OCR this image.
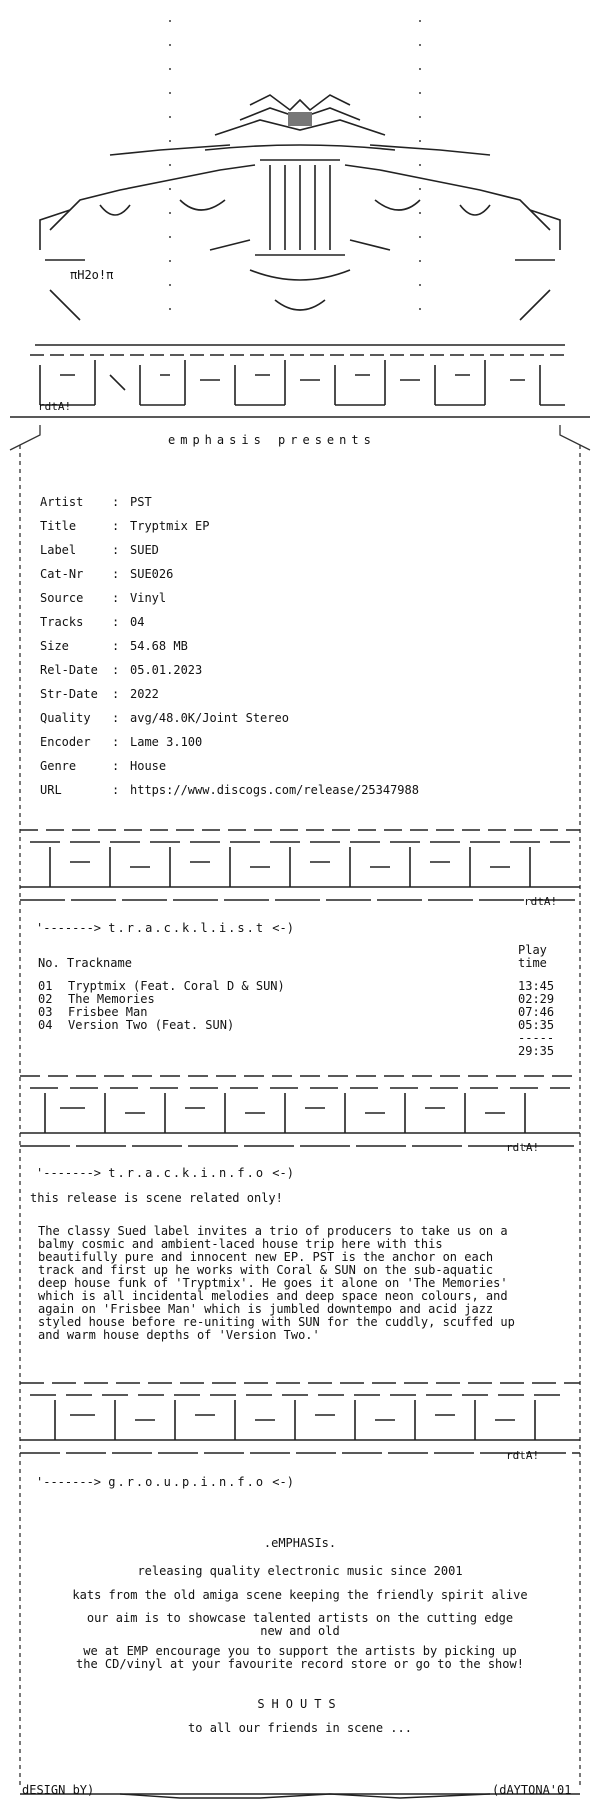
πH2o!π
rdtA!
emphasis presents
Artist	: PST
Title	: Tryptmix EP
Label	: SUED
Cat-Nr	: SUE026
Source	: Vinyl
Tracks	: 04
Size	: 54.68 MB
Rel-Date	: 05.01.2023
Str-Date	: 2022
Quality	: avg/48.0K/Joint Stereo
Encoder	: Lame 3.100
Genre	: House
URL	: https://www.discogs.com/release/25347988
rdtA!
'-------> t.r.a.c.k.l.i.s.t <-)
No. Trackname
Play
time
01 Tryptmix (Feat. Coral D & SUN)	13:45
02 The Memories	02:29
03 Frisbee Man	07:46
04 Version Two (Feat. SUN)	05:35
-----
29:35
rdtA!
'-------> t.r.a.c.k.i.n.f.o <-)
this release is scene related only!
The classy Sued label invites a trio of producers to take us on a
balmy cosmic and ambient-laced house trip here with this
beautifully pure and innocent new EP. PST is the anchor on each
track and first up he works with Coral & SUN on the sub-aquatic
deep house funk of 'Tryptmix'. He goes it alone on 'The Memories'
which is all incidental melodies and deep space neon colours, and
again on 'Frisbee Man' which is jumbled downtempo and acid jazz
styled house before re-uniting with SUN for the cuddly, scuffed up
and warm house depths of 'Version Two.'
rdtA!
'-------> g.r.o.u.p.i.n.f.o <-)
.eMPHASIs.
releasing quality electronic music since 2001
kats from the old amiga scene keeping the friendly spirit alive
our aim is to showcase talented artists on the cutting edge
new and old
we at EMP encourage you to support the artists by picking up
the CD/vinyl at your favourite record store or go to the show!
SHOUTS
to all our friends in scene ...
dESIGN bY)	(dAYTONA'01
